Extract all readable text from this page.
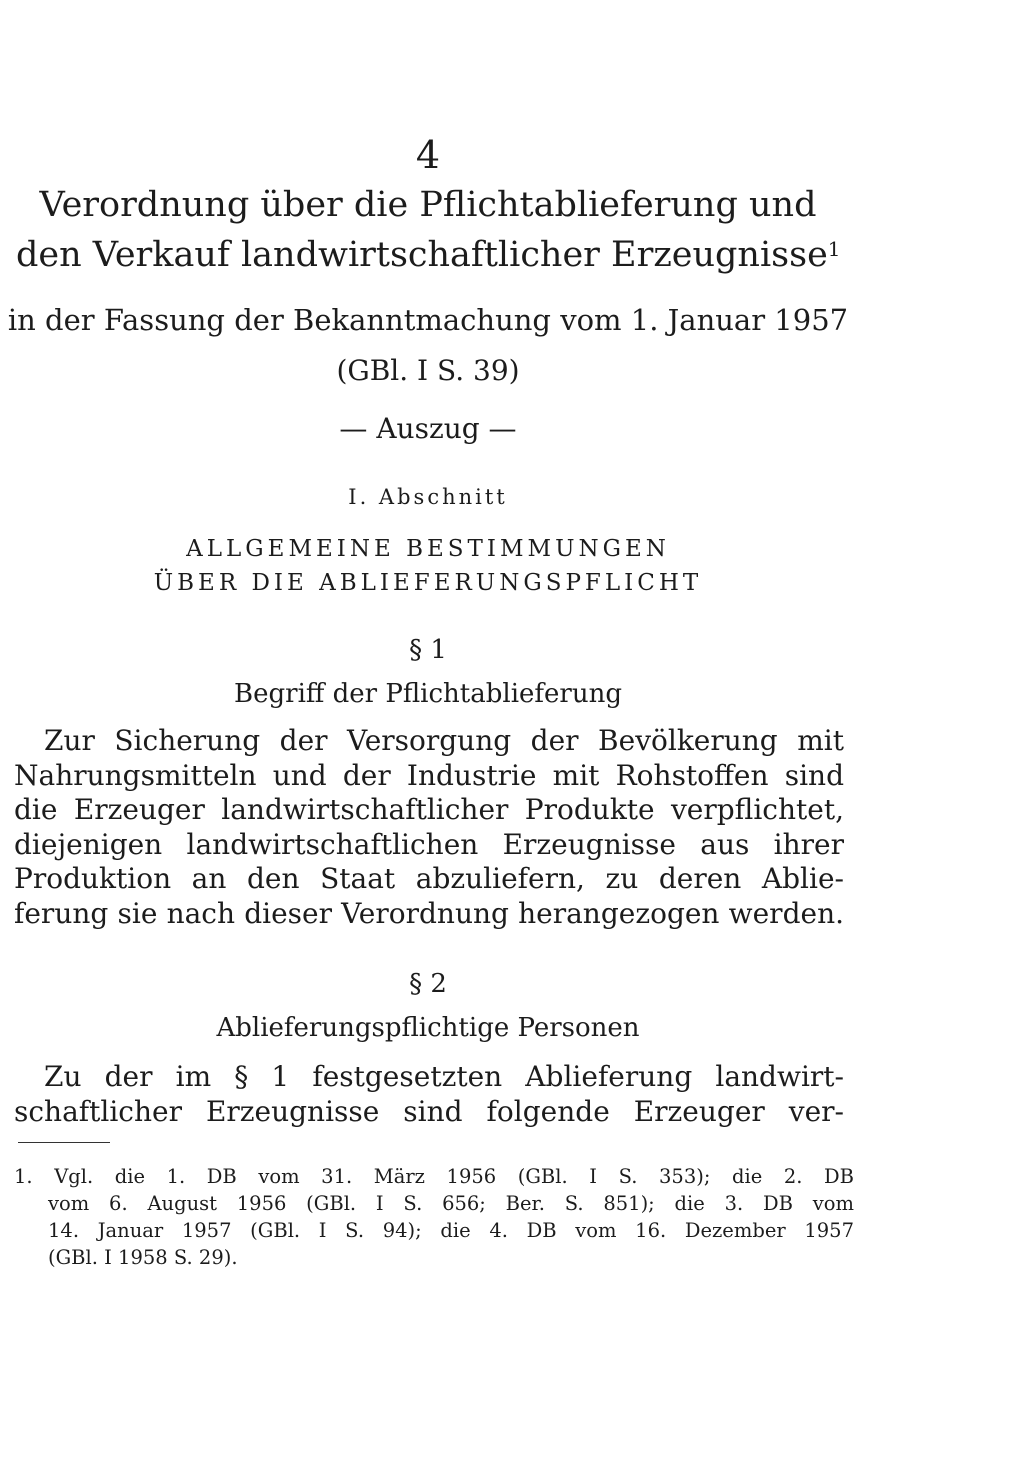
4
Verordnung über die Pflichtablieferung und
den Verkauf landwirtschaftlicher Erzeugnisse$^1$
in der Fassung der Bekanntmachung vom 1. Januar 1957
(GBl. I S. 39)
— Auszug —
I. Abschnitt
ALLGEMEINE BESTIMMUNGEN
ÜBER DIE ABLIEFERUNGSPFLICHT
§ 1
Begriff der Pflichtablieferung
Zur Sicherung der Versorgung der Bevölkerung mit
Nahrungsmitteln und der Industrie mit Rohstoffen sind
die Erzeuger landwirtschaftlicher Produkte verpflichtet,
diejenigen landwirtschaftlichen Erzeugnisse aus ihrer
Produktion an den Staat abzuliefern, zu deren Ablie-
ferung sie nach dieser Verordnung herangezogen werden.
§ 2
Ablieferungspflichtige Personen
Zu der im § 1 festgesetzten Ablieferung landwirt-
schaftlicher Erzeugnisse sind folgende Erzeuger ver-
1. Vgl. die 1. DB vom 31. März 1956 (GBl. I S. 353); die 2. DB
vom 6. August 1956 (GBl. I S. 656; Ber. S. 851); die 3. DB vom
14. Januar 1957 (GBl. I S. 94); die 4. DB vom 16. Dezember 1957
(GBl. I 1958 S. 29).
